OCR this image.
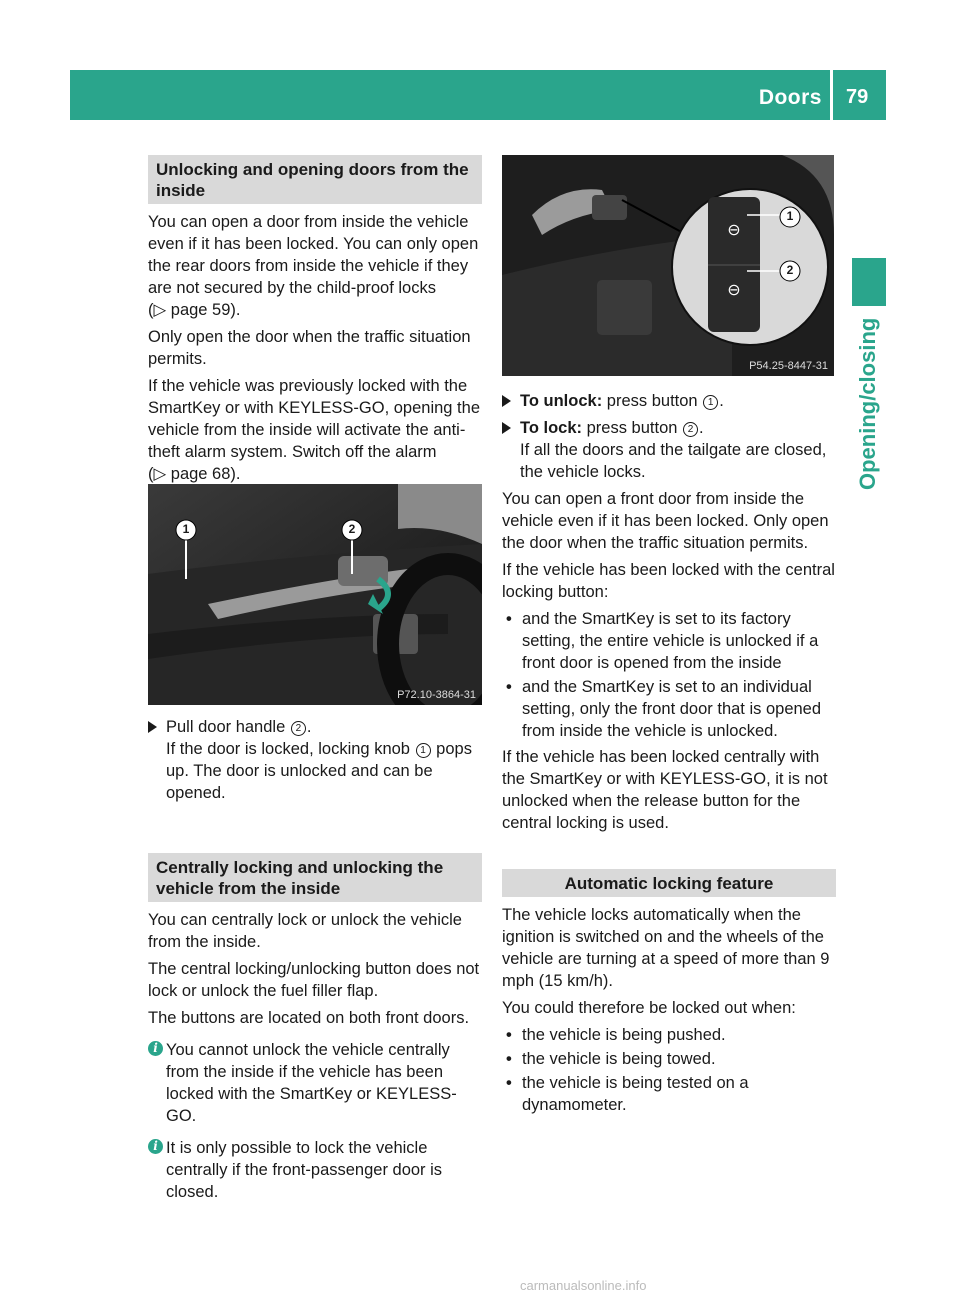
Doors 79
Opening/closing
Unlocking and opening doors from the inside

You can open a door from inside the vehicle even if it has been locked. You can only open the rear doors from inside the vehicle if they are not secured by the child-proof locks
(▷ page 59).

Only open the door when the traffic situation permits.

If the vehicle was previously locked with the SmartKey or with KEYLESS-GO, opening the vehicle from the inside will activate the anti-theft alarm system. Switch off the alarm
(▷ page 68).

1	2
P72.10-3864-31
Pull door handle 2 .
If the door is locked, locking knob 1 pops up. The door is unlocked and can be opened.
Centrally locking and unlocking the vehicle from the inside

You can centrally lock or unlock the vehicle from the inside.

The central locking/unlocking button does not lock or unlock the fuel filler flap.

The buttons are located on both front doors.

i You cannot unlock the vehicle centrally from the inside if the vehicle has been locked with the SmartKey or KEYLESS-GO.
i It is only possible to lock the vehicle centrally if the front-passenger door is closed.
⊖
⊖
1
2
P54.25-8447-31
To unlock: press button 1 .
To lock: press button 2 .
If all the doors and the tailgate are closed, the vehicle locks.

You can open a front door from inside the vehicle even if it has been locked. Only open the door when the traffic situation permits.

If the vehicle has been locked with the central locking button:

• and the SmartKey is set to its factory setting, the entire vehicle is unlocked if a front door is opened from the inside
• and the SmartKey is set to an individual setting, only the front door that is opened from inside the vehicle is unlocked.

If the vehicle has been locked centrally with the SmartKey or with KEYLESS-GO, it is not unlocked when the release button for the central locking is used.

Automatic locking feature

The vehicle locks automatically when the ignition is switched on and the wheels of the vehicle are turning at a speed of more than 9 mph (15 km/h).

You could therefore be locked out when:

• the vehicle is being pushed.
• the vehicle is being towed.
• the vehicle is being tested on a dynamometer.
carmanualsonline.info
